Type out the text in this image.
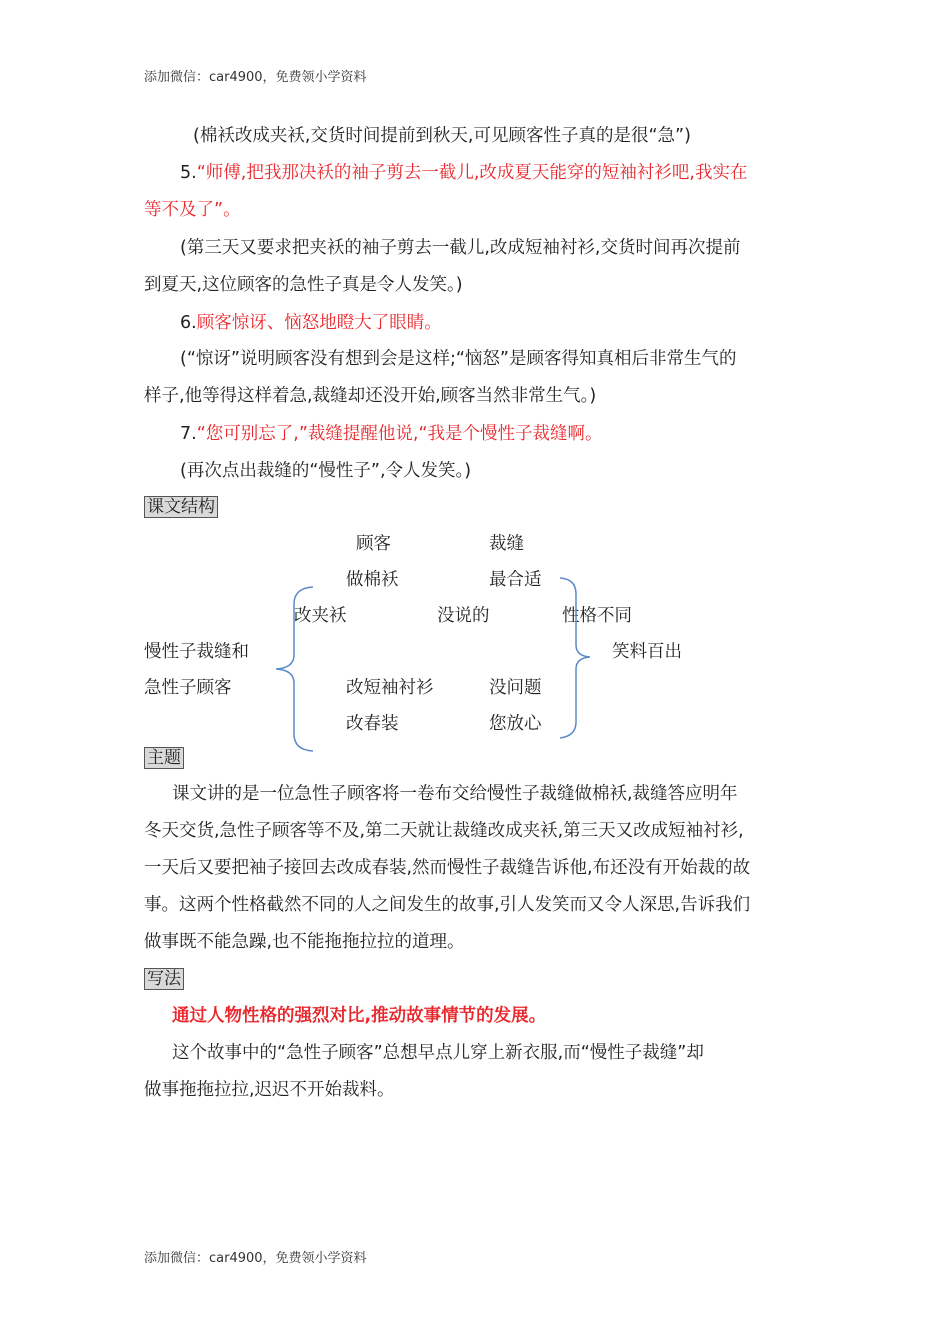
添加微信：car4900，免费领小学资料
(棉袄改成夹袄,交货时间提前到秋天,可见顾客性子真的是很“急”)
5.“师傅,把我那决袄的袖子剪去一截儿,改成夏天能穿的短袖衬衫吧,我实在
等不及了”。
(第三天又要求把夹袄的袖子剪去一截儿,改成短袖衬衫,交货时间再次提前
到夏天,这位顾客的急性子真是令人发笑。)
6.顾客惊讶、恼怒地瞪大了眼睛。
(“惊讶”说明顾客没有想到会是这样;“恼怒”是顾客得知真相后非常生气的
样子,他等得这样着急,裁缝却还没开始,顾客当然非常生气。)
7.“您可别忘了,”裁缝提醒他说,“我是个慢性子裁缝啊。
(再次点出裁缝的“慢性子”,令人发笑。)
课文结构
顾客	裁缝
做棉袄	最合适
改夹袄	没说的	性格不同
慢性子裁缝和	笑料百出
急性子顾客	改短袖衬衫	没问题
改春装	您放心
主题
课文讲的是一位急性子顾客将一卷布交给慢性子裁缝做棉袄,裁缝答应明年
冬天交货,急性子顾客等不及,第二天就让裁缝改成夹袄,第三天又改成短袖衬衫,
一天后又要把袖子接回去改成春装,然而慢性子裁缝告诉他,布还没有开始裁的故
事。这两个性格截然不同的人之间发生的故事,引人发笑而又令人深思,告诉我们
做事既不能急躁,也不能拖拖拉拉的道理。
写法
通过人物性格的强烈对比,推动故事情节的发展。
这个故事中的“急性子顾客”总想早点儿穿上新衣服,而“慢性子裁缝”却
做事拖拖拉拉,迟迟不开始裁料。
添加微信：car4900，免费领小学资料
